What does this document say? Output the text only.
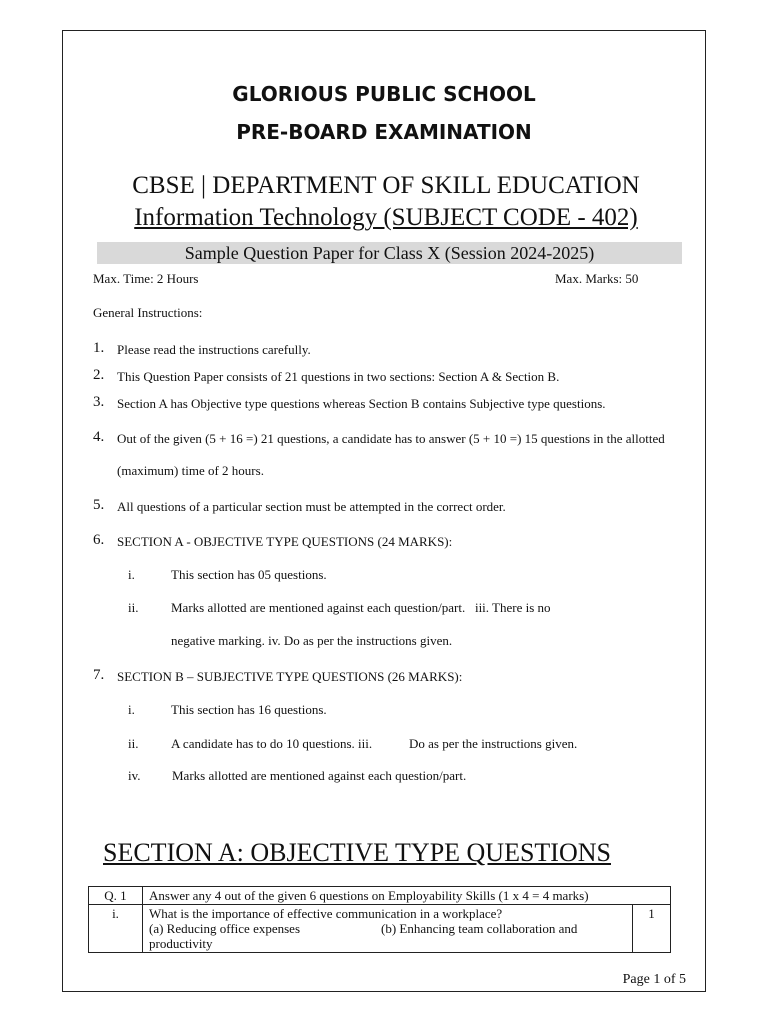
GLORIOUS PUBLIC SCHOOL
PRE-BOARD EXAMINATION
CBSE | DEPARTMENT OF SKILL EDUCATION
Information Technology (SUBJECT CODE - 402)
Sample Question Paper for Class X (Session 2024-2025)
Max. Time: 2 Hours	Max. Marks: 50
General Instructions:
1. Please read the instructions carefully.
2. This Question Paper consists of 21 questions in two sections: Section A & Section B.
3. Section A has Objective type questions whereas Section B contains Subjective type questions.
4. Out of the given (5 + 16 =) 21 questions, a candidate has to answer (5 + 10 =) 15 questions in the allotted
(maximum) time of 2 hours.
5. All questions of a particular section must be attempted in the correct order.
6. SECTION A - OBJECTIVE TYPE QUESTIONS (24 MARKS):
i.	This section has 05 questions.
ii.	Marks allotted are mentioned against each question/part.   iii. There is no
negative marking. iv. Do as per the instructions given.
7. SECTION B – SUBJECTIVE TYPE QUESTIONS (26 MARKS):
i.	This section has 16 questions.
ii.	A candidate has to do 10 questions. iii.	Do as per the instructions given.
iv. Marks allotted are mentioned against each question/part.
SECTION A: OBJECTIVE TYPE QUESTIONS
Q. 1	Answer any 4 out of the given 6 questions on Employability Skills (1 x 4 = 4 marks)	
i.	What is the importance of effective communication in a workplace?
(a) Reducing office expenses (b) Enhancing team collaboration and
productivity	1
Page 1 of 5
